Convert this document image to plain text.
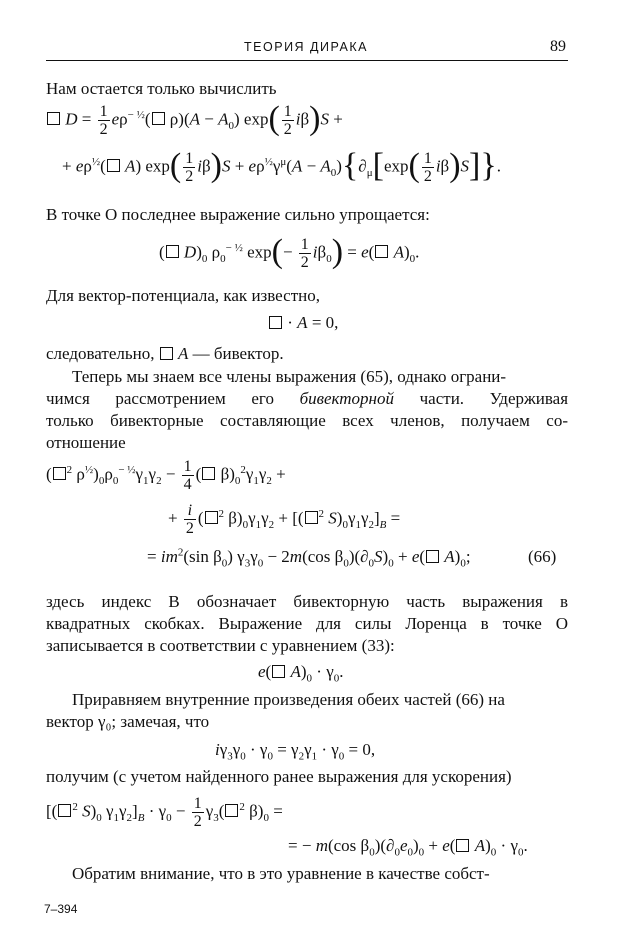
ТЕОРИЯ ДИРАКА	89
Нам остается только вычислить
$D = \frac{1}{2} e\rho^{- \frac{1}{2}}$( $\rho)(A - A_0)$ $\exp( \frac{1}{2} i\beta)S$ +
+ $e\rho^{\frac{1}{2}}$( A) $\exp( \frac{1}{2} i\beta)S + e\rho^{\frac{1}{2}}\gamma^\mu(A - A_0)\{\partial_\mu[\exp( \frac{1}{2} i\beta)S]\}$.
В точке O последнее выражение сильно упрощается:
( $D)_0$ $\rho_0^{- \frac{1}{2}}$ $\exp(- \frac{1}{2} i\beta_0) = e$( $A)_0$.
Для вектор-потенциала, как известно,
· A = 0,
следовательно, A — бивектор.
Теперь мы знаем все члены выражения (65), однако ограни-
чимся рассмотрением его бивекторной части. Удерживая
только бивекторные составляющие всех членов, получаем со-
отношение
( $^2$ $\rho^{\frac{1}{2}})_0\rho_0^{- \frac{1}{2}}\gamma_1\gamma_2 - \frac{1}{4}$ ( $\beta)_0^2\gamma_1\gamma_2$ +
+ $\frac{i}{2}$ ( $^2$ $\beta)_0\gamma_1\gamma_2$ + [( $^2$ $S)_0\gamma_1\gamma_2]_B$ =
= $im^2(\sin$ $\beta_0$) $\gamma_3\gamma_0 - 2m(\cos$ $\beta_0)(\partial_0S)_0 + e$( $A)_0$;	(66)
здесь индекс B обозначает бивекторную часть выражения в
квадратных скобках. Выражение для силы Лоренца в точке O
записывается в соответствии с уравнением (33):
e( $A)_0 \cdot \gamma_0$.
Приравняем внутренние произведения обеих частей (66) на
вектор γ₀; замечая, что
$i\gamma_3\gamma_0 \cdot \gamma_0 = \gamma_2\gamma_1 \cdot \gamma_0 = 0$,
получим (с учетом найденного ранее выражения для ускорения)
[( $^2$ $S)_0$ $\gamma_1\gamma_2]_B \cdot \gamma_0 - \frac{1}{2} \gamma_3$( $^2$ $\beta)_0$ =
= − m(cos $\beta_0)(\partial_0e_0)_0 + e$( $A)_0 \cdot \gamma_0$.
Обратим внимание, что в это уравнение в качестве собст-
7–394
